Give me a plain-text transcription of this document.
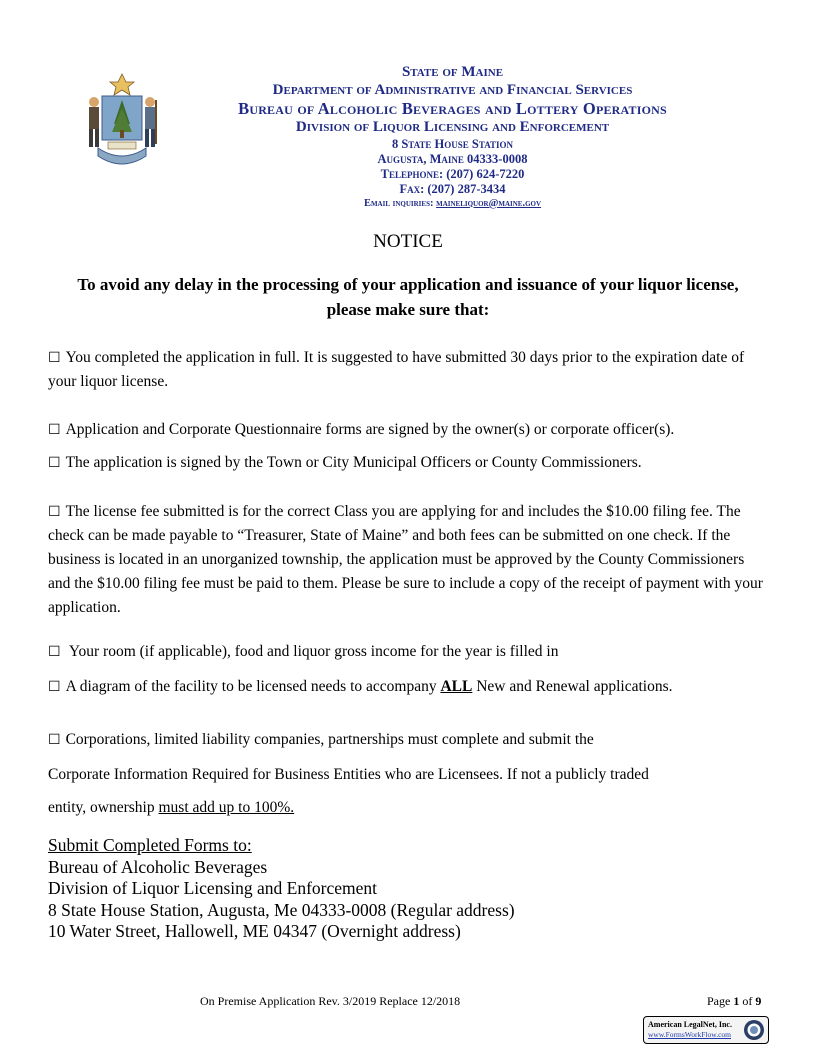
State of Maine
Department of Administrative and Financial Services
Bureau of Alcoholic Beverages and Lottery Operations
Division of Liquor Licensing and Enforcement
8 State House Station
Augusta, Maine 04333-0008
Telephone: (207) 624-7220
Fax: (207) 287-3434
Email inquiries: maineliquor@maine.gov
NOTICE
To avoid any delay in the processing of your application and issuance of your liquor license, please make sure that:
☐ You completed the application in full. It is suggested to have submitted 30 days prior to the expiration date of your liquor license.
☐ Application and Corporate Questionnaire forms are signed by the owner(s) or corporate officer(s).
☐ The application is signed by the Town or City Municipal Officers or County Commissioners.
☐ The license fee submitted is for the correct Class you are applying for and includes the $10.00 filing fee. The check can be made payable to “Treasurer, State of Maine” and both fees can be submitted on one check. If the business is located in an unorganized township, the application must be approved by the County Commissioners and the $10.00 filing fee must be paid to them. Please be sure to include a copy of the receipt of payment with your application.
☐ Your room (if applicable), food and liquor gross income for the year is filled in
☐ A diagram of the facility to be licensed needs to accompany ALL New and Renewal applications.
☐ Corporations, limited liability companies, partnerships must complete and submit the
Corporate Information Required for Business Entities who are Licensees. If not a publicly traded
entity, ownership must add up to 100%.
Submit Completed Forms to:
Bureau of Alcoholic Beverages
Division of Liquor Licensing and Enforcement
8 State House Station, Augusta, Me 04333-0008 (Regular address)
10 Water Street, Hallowell, ME 04347 (Overnight address)
On Premise Application Rev. 3/2019 Replace 12/2018	Page 1 of 9
American LegalNet, Inc.
www.FormsWorkFlow.com
